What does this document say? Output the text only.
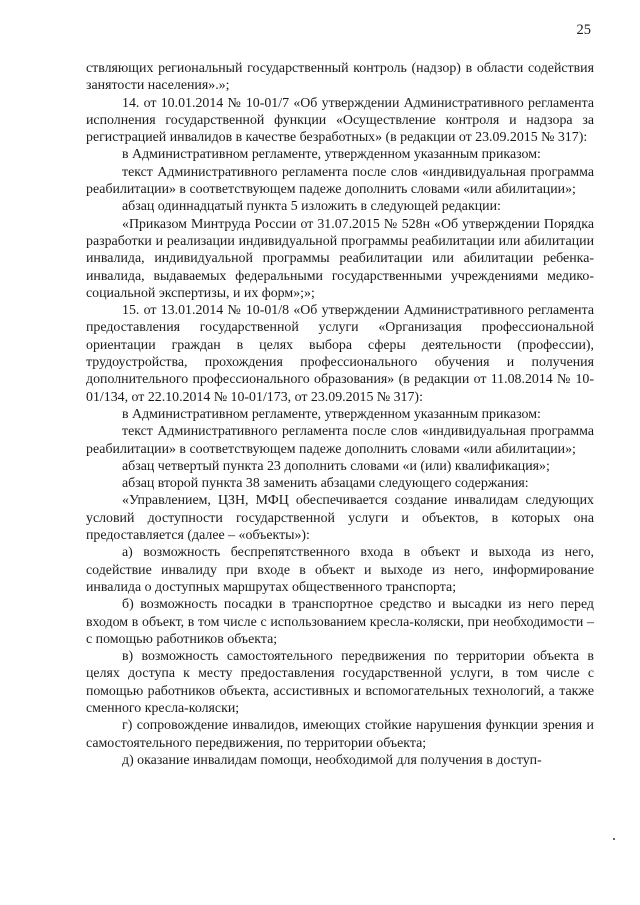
25

ствляющих региональный государственный контроль (надзор) в области содействия занятости населения».»;

14. от 10.01.2014 № 10-01/7 «Об утверждении Административного регламента исполнения государственной функции «Осуществление контроля и надзора за регистрацией инвалидов в качестве безработных» (в редакции от 23.09.2015 № 317):

в Административном регламенте, утвержденном указанным приказом:

текст Административного регламента после слов «индивидуальная программа реабилитации» в соответствующем падеже дополнить словами «или абилитации»;

абзац одиннадцатый пункта 5 изложить в следующей редакции:

«Приказом Минтруда России от 31.07.2015 № 528н «Об утверждении Порядка разработки и реализации индивидуальной программы реабилитации или абилитации инвалида, индивидуальной программы реабилитации или абилитации ребенка-инвалида, выдаваемых федеральными государственными учреждениями медико-социальной экспертизы, и их форм»;»;

15. от 13.01.2014 № 10-01/8 «Об утверждении Административного регламента предоставления государственной услуги «Организация профессиональной ориентации граждан в целях выбора сферы деятельности (профессии), трудоустройства, прохождения профессионального обучения и получения дополнительного профессионального образования» (в редакции от 11.08.2014 № 10-01/134, от 22.10.2014 № 10-01/173, от 23.09.2015 № 317):

в Административном регламенте, утвержденном указанным приказом:

текст Административного регламента после слов «индивидуальная программа реабилитации» в соответствующем падеже дополнить словами «или абилитации»;

абзац четвертый пункта 23 дополнить словами «и (или) квалификация»;

абзац второй пункта 38 заменить абзацами следующего содержания:

«Управлением, ЦЗН, МФЦ обеспечивается создание инвалидам следующих условий доступности государственной услуги и объектов, в которых она предоставляется (далее – «объекты»):

а) возможность беспрепятственного входа в объект и выхода из него, содействие инвалиду при входе в объект и выходе из него, информирование инвалида о доступных маршрутах общественного транспорта;

б) возможность посадки в транспортное средство и высадки из него перед входом в объект, в том числе с использованием кресла-коляски, при необходимости – с помощью работников объекта;

в) возможность самостоятельного передвижения по территории объекта в целях доступа к месту предоставления государственной услуги, в том числе с помощью работников объекта, ассистивных и вспомогательных технологий, а также сменного кресла-коляски;

г) сопровождение инвалидов, имеющих стойкие нарушения функции зрения и самостоятельного передвижения, по территории объекта;

д) оказание инвалидам помощи, необходимой для получения в доступ-
